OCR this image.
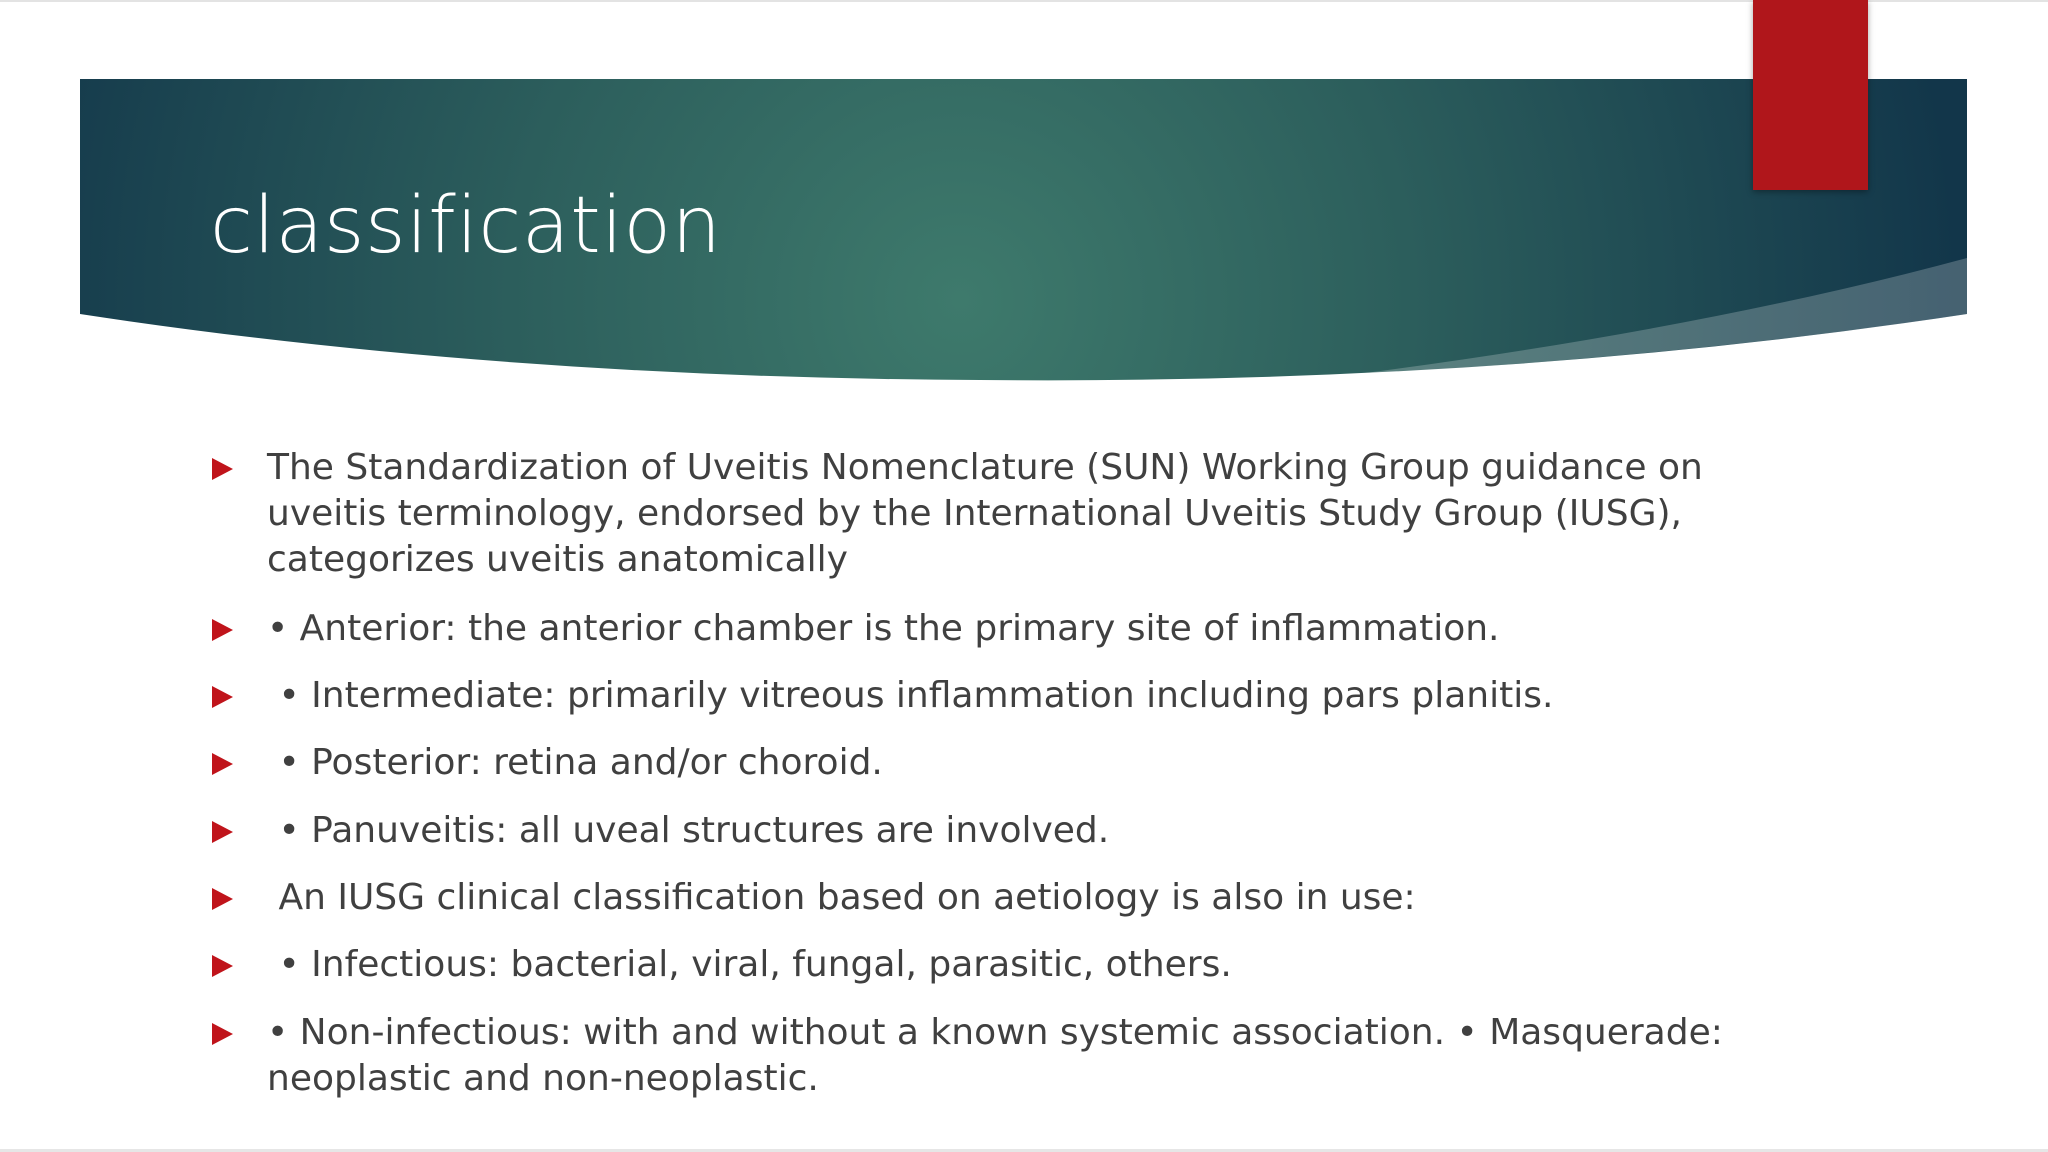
classification
The Standardization of Uveitis Nomenclature (SUN) Working Group guidance on uveitis terminology, endorsed by the International Uveitis Study Group (IUSG), categorizes uveitis anatomically
• Anterior: the anterior chamber is the primary site of inflammation.
• Intermediate: primarily vitreous inflammation including pars planitis.
• Posterior: retina and/or choroid.
• Panuveitis: all uveal structures are involved.
An IUSG clinical classification based on aetiology is also in use:
• Infectious: bacterial, viral, fungal, parasitic, others.
• Non-infectious: with and without a known systemic association. • Masquerade: neoplastic and non-neoplastic.
